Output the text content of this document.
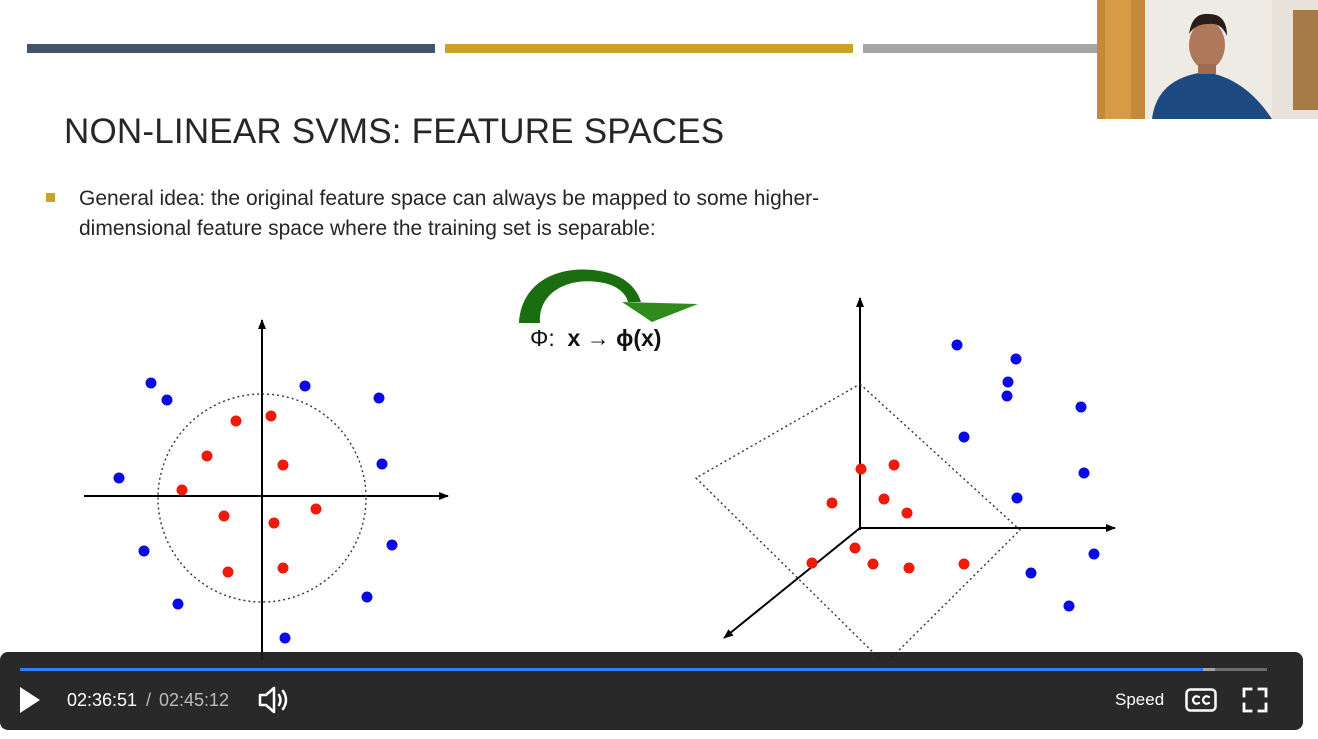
NON-LINEAR SVMS: FEATURE SPACES
General idea: the original feature space can always be mapped to some higher-dimensional feature space where the training set is separable:
Φ: x → ϕ(x)
02:36:51 / 02:45:12	Speed
